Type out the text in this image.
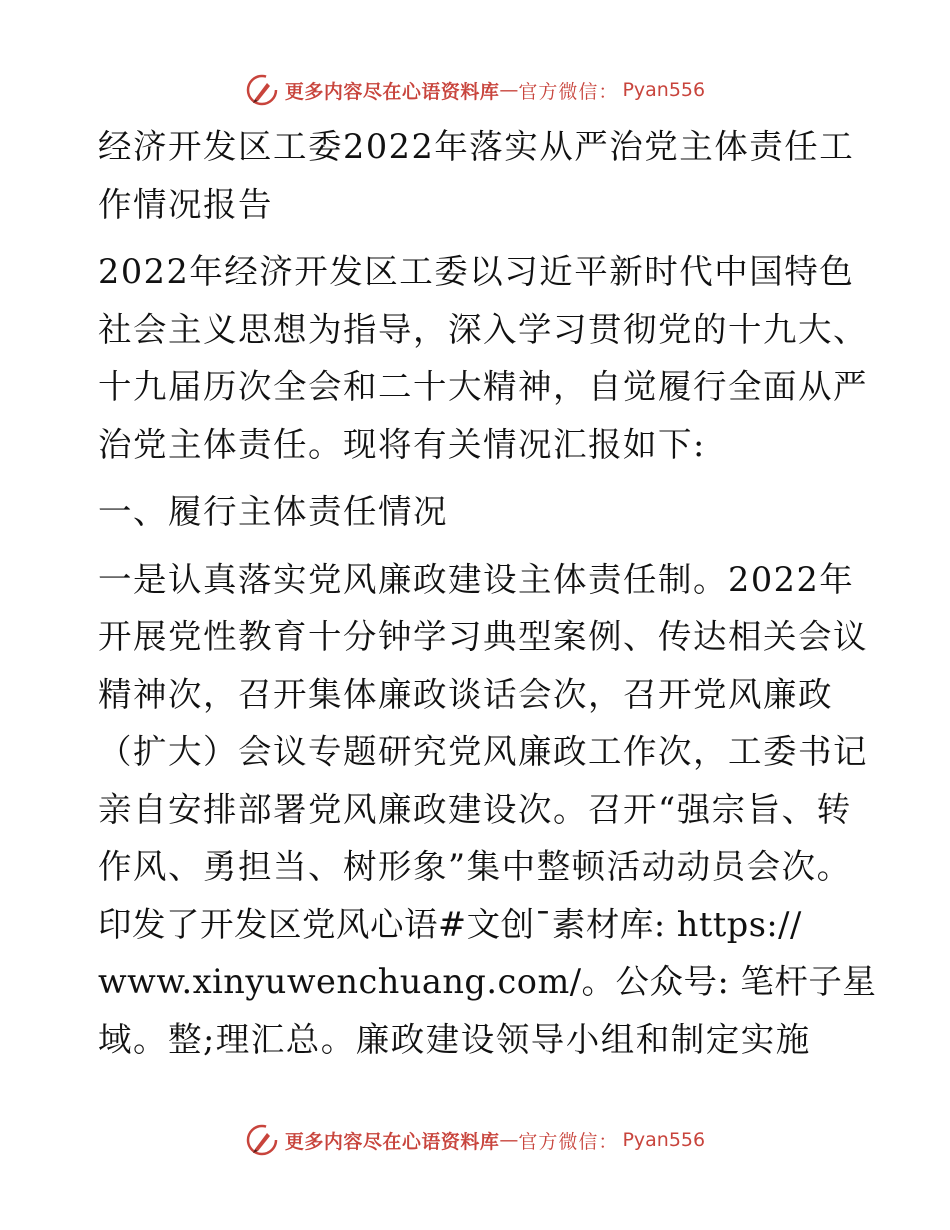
更多内容尽在心语资料库 — 官方微信： Pyan556
经济开发区工委2022年落实从严治党主体责任工
作情况报告
2022年经济开发区工委以习近平新时代中国特色
社会主义思想为指导，深入学习贯彻党的十九大、
十九届历次全会和二十大精神，自觉履行全面从严
治党主体责任。现将有关情况汇报如下:
一、履行主体责任情况
一是认真落实党风廉政建设主体责任制。2022年
开展党性教育十分钟学习典型案例、传达相关会议
精神次，召开集体廉政谈话会次，召开党风廉政
（扩大）会议专题研究党风廉政工作次，工委书记
亲自安排部署党风廉政建设次。召开“强宗旨、转
作风、勇担当、树形象”集中整顿活动动员会次。
印发了开发区党风心语#文创¯素材库: https://
www.xinyuwenchuang.com/。公众号: 笔杆子星
域。整;理汇总。廉政建设领导小组和制定实施
更多内容尽在心语资料库 — 官方微信： Pyan556
